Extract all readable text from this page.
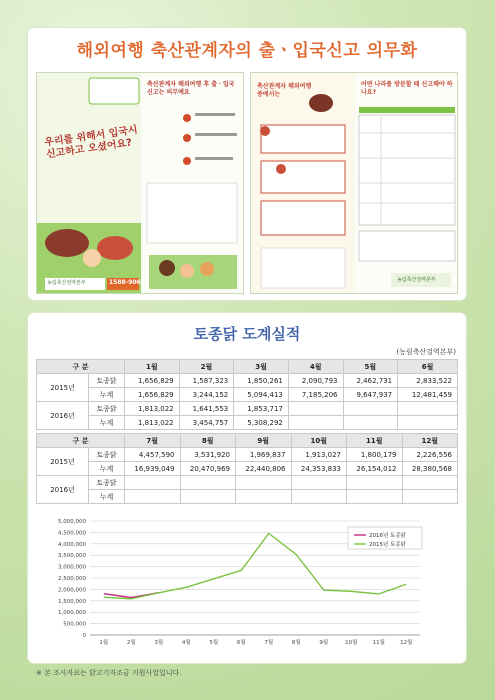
해외여행 축산관계자의 출ㆍ입국신고 의무화
우리를 위해서 입국시 신고하고 오셨어요?
축산관계자 해외여행 후 출ㆍ입국신고는 의무예요
1588-9060
농림축산검역본부
축산관계자 해외여행 중에서는
어떤 나라를 방문할 때 신고해야 하나요?
농림축산검역본부
토종닭 도계실적
(농림축산검역본부)
구 분		1월	2월	3월	4월	5월	6월
2015년	토종닭	1,656,829	1,587,323	1,850,261	2,090,793	2,462,731	2,833,522
	누계	1,656,829	3,244,152	5,094,413	7,185,206	9,647,937	12,481,459
2016년	토종닭	1,813,022	1,641,553	1,853,717			
	누계	1,813,022	3,454,757	5,308,292			
구 분		7월	8월	9월	10월	11월	12월
2015년	토종닭	4,457,590	3,531,920	1,969,837	1,913,027	1,800,179	2,226,556
	누계	16,939,049	20,470,969	22,440,806	24,353,833	26,154,012	28,380,568
2016년	토종닭						
	누계						
0
500,000
1,000,000
1,500,000
2,000,000
2,500,000
3,000,000
3,500,000
4,000,000
4,500,000
5,000,000
1월	2월	3월	4월	5월	6월	7월	8월	9월	10월	11월	12월
2016년 토종닭
2015년 토종닭
※ 본 조사자료는 닭고기자조금 지원사업입니다.
